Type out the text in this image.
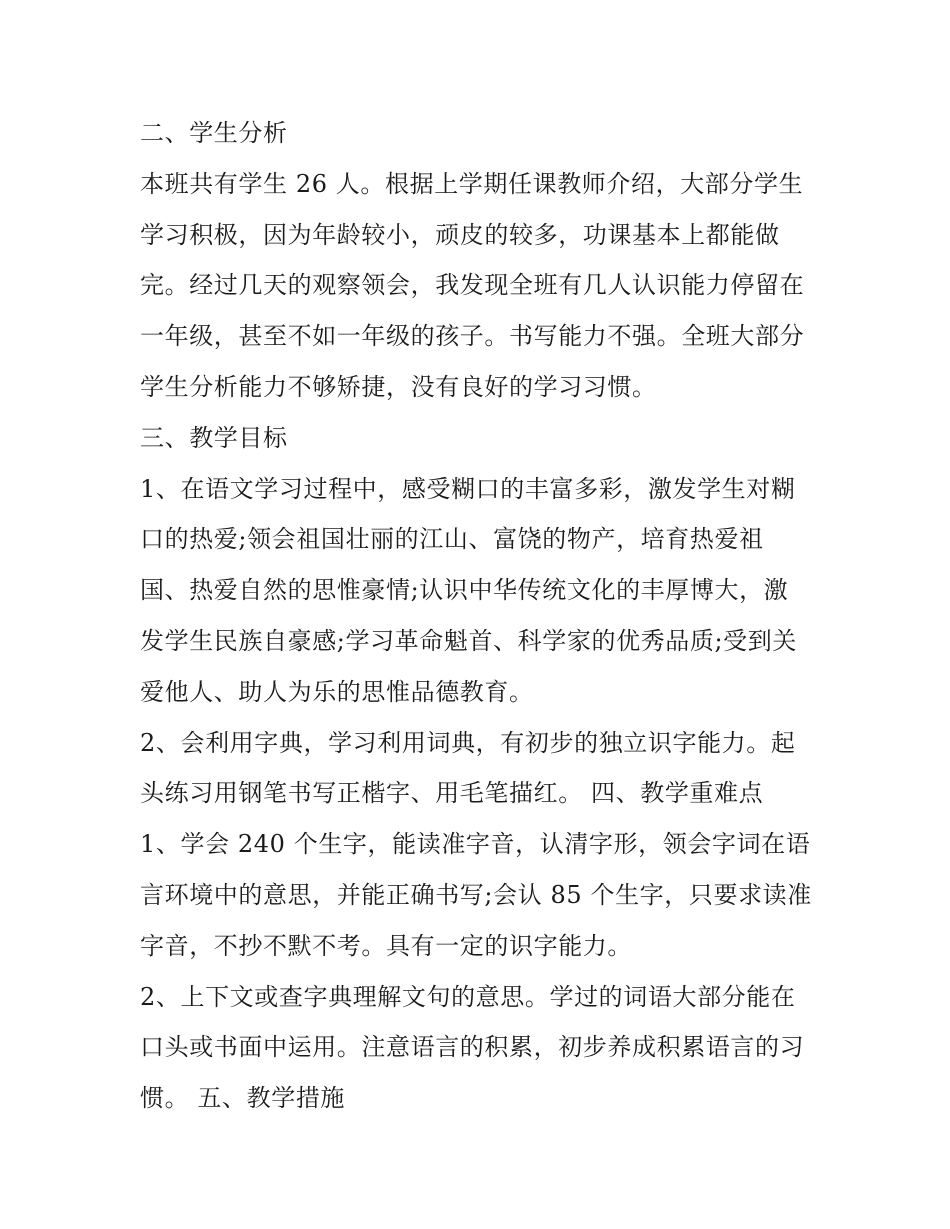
二、学生分析
本班共有学生 26 人。根据上学期任课教师介绍，大部分学生
学习积极，因为年龄较小，顽皮的较多，功课基本上都能做
完。经过几天的观察领会，我发现全班有几人认识能力停留在
一年级，甚至不如一年级的孩子。书写能力不强。全班大部分
学生分析能力不够矫捷，没有良好的学习习惯。
三、教学目标
1、在语文学习过程中，感受糊口的丰富多彩，激发学生对糊
口的热爱;领会祖国壮丽的江山、富饶的物产，培育热爱祖
国、热爱自然的思惟豪情;认识中华传统文化的丰厚博大，激
发学生民族自豪感;学习革命魁首、科学家的优秀品质;受到关
爱他人、助人为乐的思惟品德教育。
2、会利用字典，学习利用词典，有初步的独立识字能力。起
头练习用钢笔书写正楷字、用毛笔描红。 四、教学重难点
1、学会 240 个生字，能读准字音，认清字形，领会字词在语
言环境中的意思，并能正确书写;会认 85 个生字，只要求读准
字音，不抄不默不考。具有一定的识字能力。
2、上下文或查字典理解文句的意思。学过的词语大部分能在
口头或书面中运用。注意语言的积累，初步养成积累语言的习
惯。 五、教学措施
